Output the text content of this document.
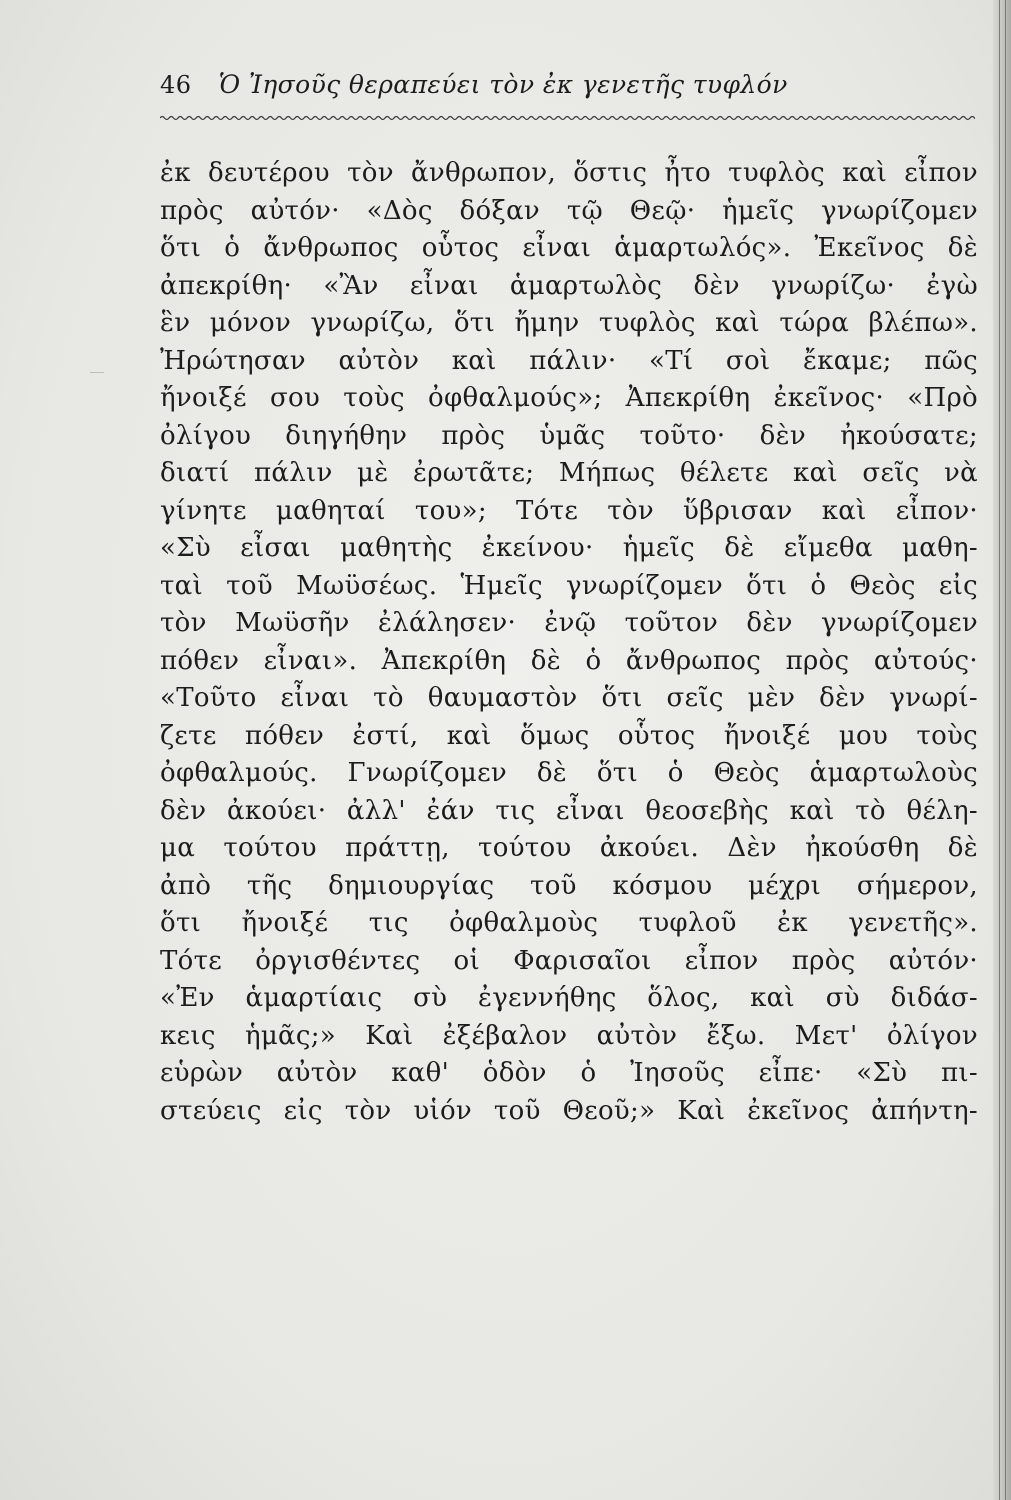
46 Ὁ Ἰησοῦς θεραπεύει τὸν ἐκ γενετῆς τυφλόν
ἐκ δευτέρου τὸν ἄνθρωπον, ὅστις ἦτο τυφλὸς καὶ εἶπον
πρὸς αὐτόν· «Δὸς δόξαν τῷ Θεῷ· ἡμεῖς γνωρίζομεν
ὅτι ὁ ἄνθρωπος οὗτος εἶναι ἁμαρτωλός». Ἐκεῖνος δὲ
ἀπεκρίθη· «Ἂν εἶναι ἁμαρτωλὸς δὲν γνωρίζω· ἐγὼ
ἓν μόνον γνωρίζω, ὅτι ἤμην τυφλὸς καὶ τώρα βλέπω».
Ἠρώτησαν αὐτὸν καὶ πάλιν· «Τί σοὶ ἔκαμε; πῶς
ἤνοιξέ σου τοὺς ὀφθαλμούς»; Ἀπεκρίθη ἐκεῖνος· «Πρὸ
ὀλίγου διηγήθην πρὸς ὑμᾶς τοῦτο· δὲν ἠκούσατε;
διατί πάλιν μὲ ἐρωτᾶτε; Μήπως θέλετε καὶ σεῖς νὰ
γίνητε μαθηταί του»; Τότε τὸν ὕβρισαν καὶ εἶπον·
«Σὺ εἶσαι μαθητὴς ἐκείνου· ἡμεῖς δὲ εἴμεθα μαθη-
ταὶ τοῦ Μωϋσέως. Ἡμεῖς γνωρίζομεν ὅτι ὁ Θεὸς εἰς
τὸν Μωϋσῆν ἐλάλησεν· ἐνῷ τοῦτον δὲν γνωρίζομεν
πόθεν εἶναι». Ἀπεκρίθη δὲ ὁ ἄνθρωπος πρὸς αὐτούς·
«Τοῦτο εἶναι τὸ θαυμαστὸν ὅτι σεῖς μὲν δὲν γνωρί-
ζετε πόθεν ἐστί, καὶ ὅμως οὗτος ἤνοιξέ μου τοὺς
ὀφθαλμούς. Γνωρίζομεν δὲ ὅτι ὁ Θεὸς ἁμαρτωλοὺς
δὲν ἀκούει· ἀλλ' ἐάν τις εἶναι θεοσεβὴς καὶ τὸ θέλη-
μα τούτου πράττῃ, τούτου ἀκούει. Δὲν ἠκούσθη δὲ
ἀπὸ τῆς δημιουργίας τοῦ κόσμου μέχρι σήμερον,
ὅτι ἤνοιξέ τις ὀφθαλμοὺς τυφλοῦ ἐκ γενετῆς».
Τότε ὀργισθέντες οἱ Φαρισαῖοι εἶπον πρὸς αὐτόν·
«Ἐν ἁμαρτίαις σὺ ἐγεννήθης ὅλος, καὶ σὺ διδάσ-
κεις ἡμᾶς;» Καὶ ἐξέβαλον αὐτὸν ἔξω. Μετ' ὀλίγον
εὑρὼν αὐτὸν καθ' ὁδὸν ὁ Ἰησοῦς εἶπε· «Σὺ πι-
στεύεις εἰς τὸν υἱόν τοῦ Θεοῦ;» Καὶ ἐκεῖνος ἀπήντη-
